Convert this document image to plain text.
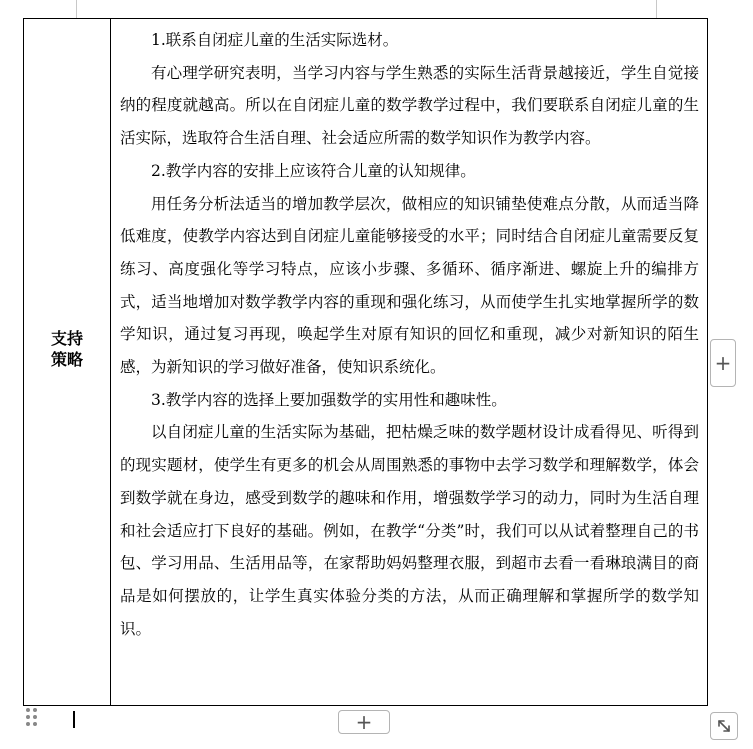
支持策略

1.联系自闭症儿童的生活实际选材。

有心理学研究表明，当学习内容与学生熟悉的实际生活背景越接近，学生自觉接纳的程度就越高。所以在自闭症儿童的数学教学过程中，我们要联系自闭症儿童的生活实际，选取符合生活自理、社会适应所需的数学知识作为教学内容。

2.教学内容的安排上应该符合儿童的认知规律。

用任务分析法适当的增加教学层次，做相应的知识铺垫使难点分散，从而适当降低难度，使教学内容达到自闭症儿童能够接受的水平；同时结合自闭症儿童需要反复练习、高度强化等学习特点，应该小步骤、多循环、循序渐进、螺旋上升的编排方式，适当地增加对数学教学内容的重现和强化练习，从而使学生扎实地掌握所学的数学知识，通过复习再现，唤起学生对原有知识的回忆和重现，减少对新知识的陌生感，为新知识的学习做好准备，使知识系统化。

3.教学内容的选择上要加强数学的实用性和趣味性。

以自闭症儿童的生活实际为基础，把枯燥乏味的数学题材设计成看得见、听得到的现实题材，使学生有更多的机会从周围熟悉的事物中去学习数学和理解数学，体会到数学就在身边，感受到数学的趣味和作用，增强数学学习的动力，同时为生活自理和社会适应打下良好的基础。例如，在教学“分类”时，我们可以从试着整理自己的书包、学习用品、生活用品等，在家帮助妈妈整理衣服，到超市去看一看琳琅满目的商品是如何摆放的，让学生真实体验分类的方法，从而正确理解和掌握所学的数学知识。

+
+
